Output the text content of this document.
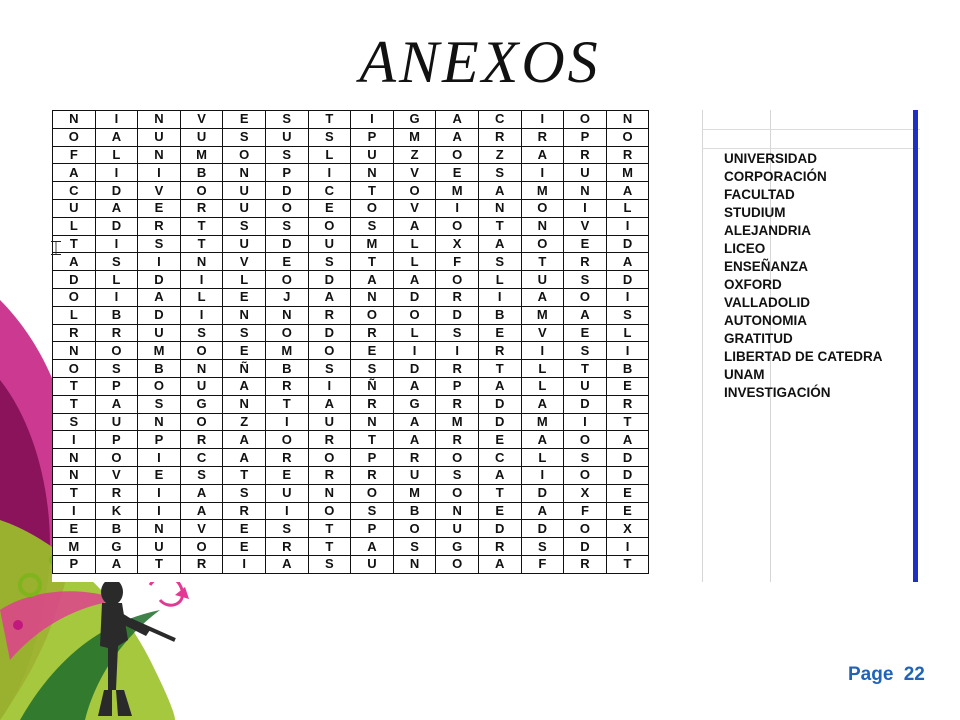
ANEXOS
N	I	N	V	E	S	T	I	G	A	C	I	O	N
O	A	U	U	S	U	S	P	M	A	R	R	P	O
F	L	N	M	O	S	L	U	Z	O	Z	A	R	R
A	I	I	B	N	P	I	N	V	E	S	I	U	M
C	D	V	O	U	D	C	T	O	M	A	M	N	A
U	A	E	R	U	O	E	O	V	I	N	O	I	L
L	D	R	T	S	S	O	S	A	O	T	N	V	I
T	I	S	T	U	D	U	M	L	X	A	O	E	D
A	S	I	N	V	E	S	T	L	F	S	T	R	A
D	L	D	I	L	O	D	A	A	O	L	U	S	D
O	I	A	L	E	J	A	N	D	R	I	A	O	I
L	B	D	I	N	N	R	O	O	D	B	M	A	S
R	R	U	S	S	O	D	R	L	S	E	V	E	L
N	O	M	O	E	M	O	E	I	I	R	I	S	I
O	S	B	N	Ñ	B	S	S	D	R	T	L	T	B
T	P	O	U	A	R	I	Ñ	A	P	A	L	U	E
T	A	S	G	N	T	A	R	G	R	D	A	D	R
S	U	N	O	Z	I	U	N	A	M	D	M	I	T
I	P	P	R	A	O	R	T	A	R	E	A	O	A
N	O	I	C	A	R	O	P	R	O	C	L	S	D
N	V	E	S	T	E	R	R	U	S	A	I	O	D
T	R	I	A	S	U	N	O	M	O	T	D	X	E
I	K	I	A	R	I	O	S	B	N	E	A	F	E
E	B	N	V	E	S	T	P	O	U	D	D	O	X
M	G	U	O	E	R	T	A	S	G	R	S	D	I
P	A	T	R	I	A	S	U	N	O	A	F	R	T
UNIVERSIDAD
CORPORACIÓN
FACULTAD
STUDIUM
ALEJANDRIA
LICEO
ENSEÑANZA
OXFORD
VALLADOLID
AUTONOMIA
GRATITUD
LIBERTAD DE CATEDRA
UNAM
INVESTIGACIÓN
⌶
Page 22
